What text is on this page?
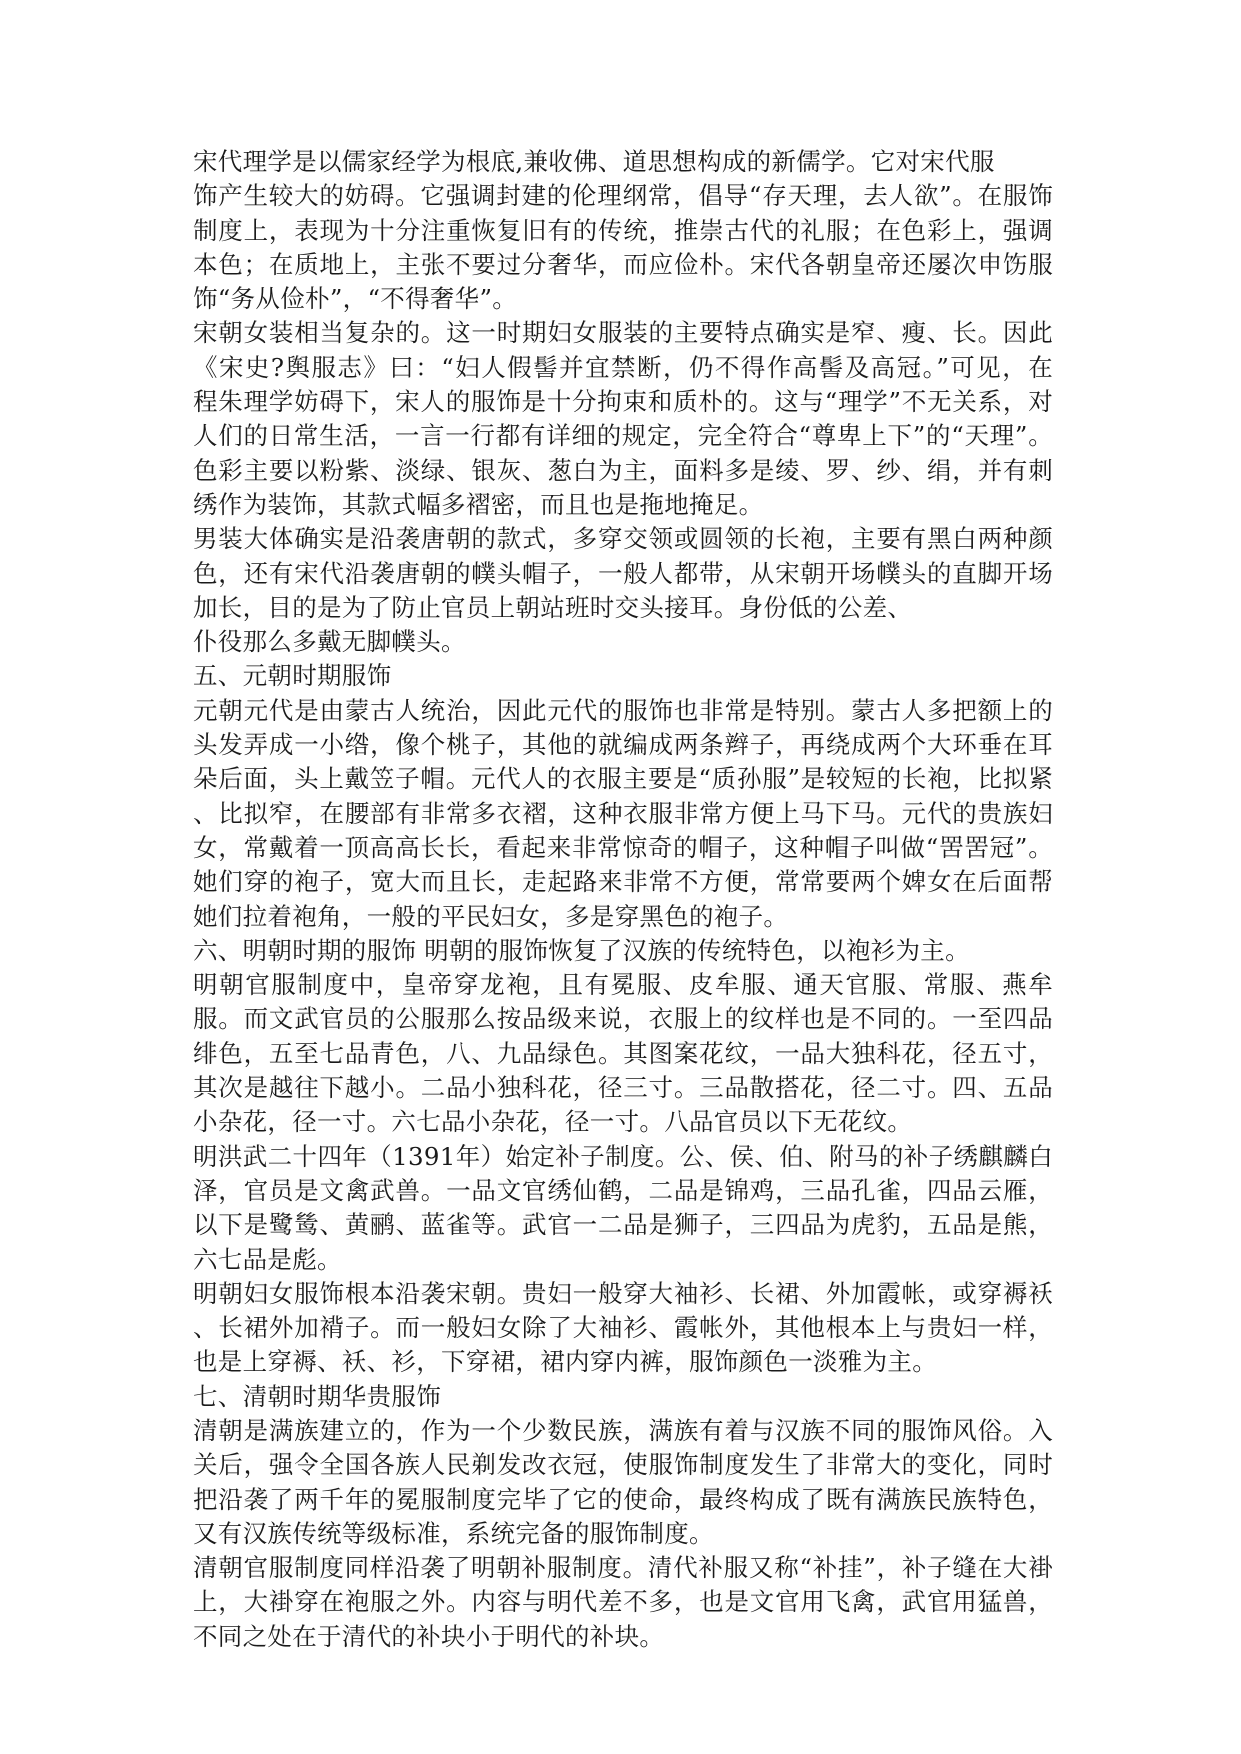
宋代理学是以儒家经学为根底,兼收佛、道思想构成的新儒学。它对宋代服
饰产生较大的妨碍。它强调封建的伦理纲常，倡导“存天理，去人欲”。在服饰
制度上，表现为十分注重恢复旧有的传统，推崇古代的礼服；在色彩上，强调
本色；在质地上，主张不要过分奢华，而应俭朴。宋代各朝皇帝还屡次申饬服
饰“务从俭朴”，“不得奢华”。
宋朝女装相当复杂的。这一时期妇女服装的主要特点确实是窄、瘦、长。因此
《宋史?舆服志》曰：“妇人假髻并宜禁断，仍不得作高髻及高冠。”可见，在
程朱理学妨碍下，宋人的服饰是十分拘束和质朴的。这与“理学”不无关系，对
人们的日常生活，一言一行都有详细的规定，完全符合“尊卑上下”的“天理”。
色彩主要以粉紫、淡绿、银灰、葱白为主，面料多是绫、罗、纱、绢，并有刺
绣作为装饰，其款式幅多褶密，而且也是拖地掩足。
男装大体确实是沿袭唐朝的款式，多穿交领或圆领的长袍，主要有黑白两种颜
色，还有宋代沿袭唐朝的幞头帽子，一般人都带，从宋朝开场幞头的直脚开场
加长，目的是为了防止官员上朝站班时交头接耳。身份低的公差、
仆役那么多戴无脚幞头。
五、元朝时期服饰
元朝元代是由蒙古人统治，因此元代的服饰也非常是特别。蒙古人多把额上的
头发弄成一小绺，像个桃子，其他的就编成两条辫子，再绕成两个大环垂在耳
朵后面，头上戴笠子帽。元代人的衣服主要是“质孙服”是较短的长袍，比拟紧
、比拟窄，在腰部有非常多衣褶，这种衣服非常方便上马下马。元代的贵族妇
女，常戴着一顶高高长长，看起来非常惊奇的帽子，这种帽子叫做“罟罟冠”。
她们穿的袍子，宽大而且长，走起路来非常不方便，常常要两个婢女在后面帮
她们拉着袍角，一般的平民妇女，多是穿黑色的袍子。
六、明朝时期的服饰 明朝的服饰恢复了汉族的传统特色，以袍衫为主。
明朝官服制度中，皇帝穿龙袍，且有冕服、皮牟服、通天官服、常服、燕牟
服。而文武官员的公服那么按品级来说，衣服上的纹样也是不同的。一至四品
绯色，五至七品青色，八、九品绿色。其图案花纹，一品大独科花，径五寸，
其次是越往下越小。二品小独科花，径三寸。三品散搭花，径二寸。四、五品
小杂花，径一寸。六七品小杂花，径一寸。八品官员以下无花纹。
明洪武二十四年（1391年）始定补子制度。公、侯、伯、附马的补子绣麒麟白
泽，官员是文禽武兽。一品文官绣仙鹤，二品是锦鸡，三品孔雀，四品云雁，
以下是鹭鸶、黄鹂、蓝雀等。武官一二品是狮子，三四品为虎豹，五品是熊，
六七品是彪。
明朝妇女服饰根本沿袭宋朝。贵妇一般穿大袖衫、长裙、外加霞帐，或穿褥袄
、长裙外加褙子。而一般妇女除了大袖衫、霞帐外，其他根本上与贵妇一样，
也是上穿褥、袄、衫，下穿裙，裙内穿内裤，服饰颜色一淡雅为主。
七、清朝时期华贵服饰
清朝是满族建立的，作为一个少数民族，满族有着与汉族不同的服饰风俗。入
关后，强令全国各族人民剃发改衣冠，使服饰制度发生了非常大的变化，同时
把沿袭了两千年的冕服制度完毕了它的使命，最终构成了既有满族民族特色，
又有汉族传统等级标准，系统完备的服饰制度。
清朝官服制度同样沿袭了明朝补服制度。清代补服又称“补挂”，补子缝在大褂
上，大褂穿在袍服之外。内容与明代差不多，也是文官用飞禽，武官用猛兽，
不同之处在于清代的补块小于明代的补块。
